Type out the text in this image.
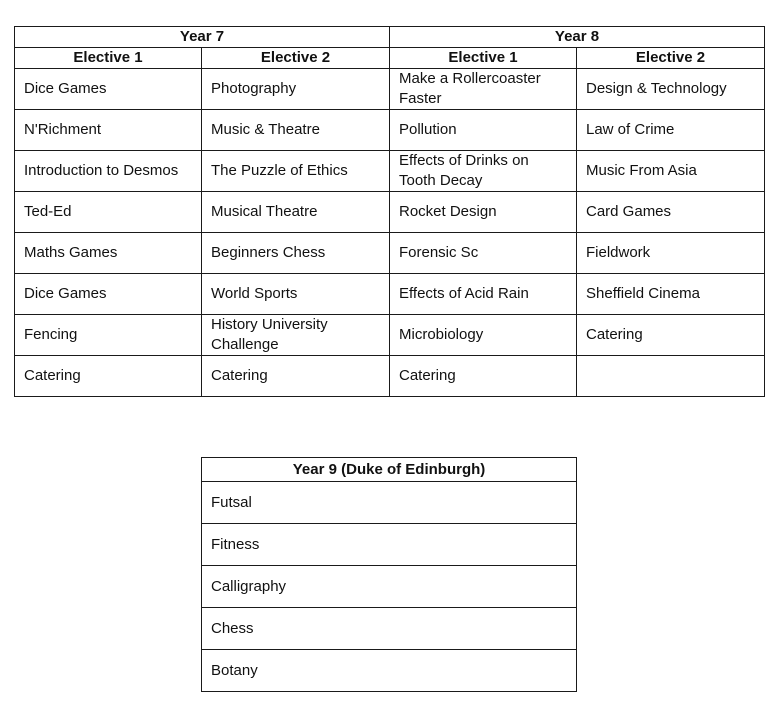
Year 7		Year 8	
Elective 1	Elective 2	Elective 1	Elective 2
Dice Games	Photography	Make a Rollercoaster Faster	Design & Technology
N'Richment	Music & Theatre	Pollution	Law of Crime
Introduction to Desmos	The Puzzle of Ethics	Effects of Drinks on Tooth Decay	Music From Asia
Ted-Ed	Musical Theatre	Rocket Design	Card Games
Maths Games	Beginners Chess	Forensic Sc	Fieldwork
Dice Games	World Sports	Effects of Acid Rain	Sheffield Cinema
Fencing	History University Challenge	Microbiology	Catering
Catering	Catering	Catering	
Year 9 (Duke of Edinburgh)
Futsal
Fitness
Calligraphy
Chess
Botany
